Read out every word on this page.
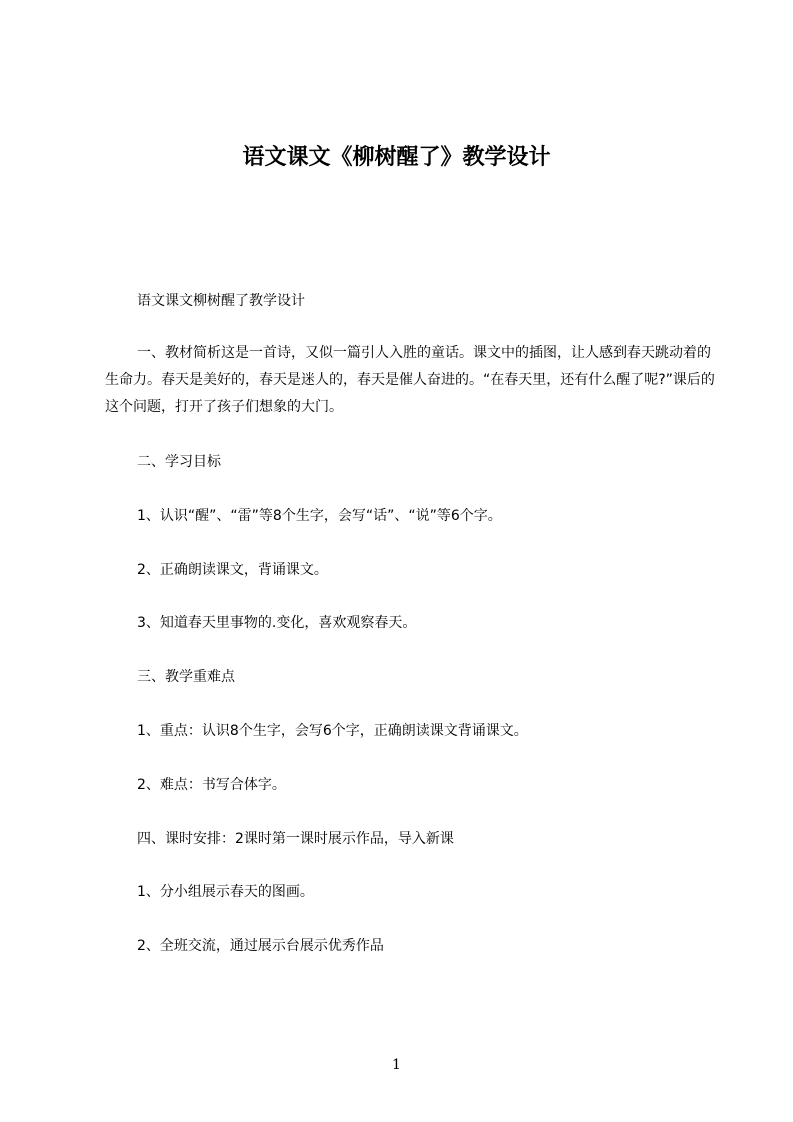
语文课文《柳树醒了》教学设计
语文课文柳树醒了教学设计
一、教材简析这是一首诗，又似一篇引人入胜的童话。课文中的插图，让人感到春天跳动着的生命力。春天是美好的，春天是迷人的，春天是催人奋进的。“在春天里，还有什么醒了呢?”课后的这个问题，打开了孩子们想象的大门。
二、学习目标
1、认识“醒”、“雷”等8个生字，会写“话”、“说”等6个字。
2、正确朗读课文，背诵课文。
3、知道春天里事物的.变化，喜欢观察春天。
三、教学重难点
1、重点：认识8个生字，会写6个字，正确朗读课文背诵课文。
2、难点：书写合体字。
四、课时安排：2课时第一课时展示作品，导入新课
1、分小组展示春天的图画。
2、全班交流，通过展示台展示优秀作品
1
